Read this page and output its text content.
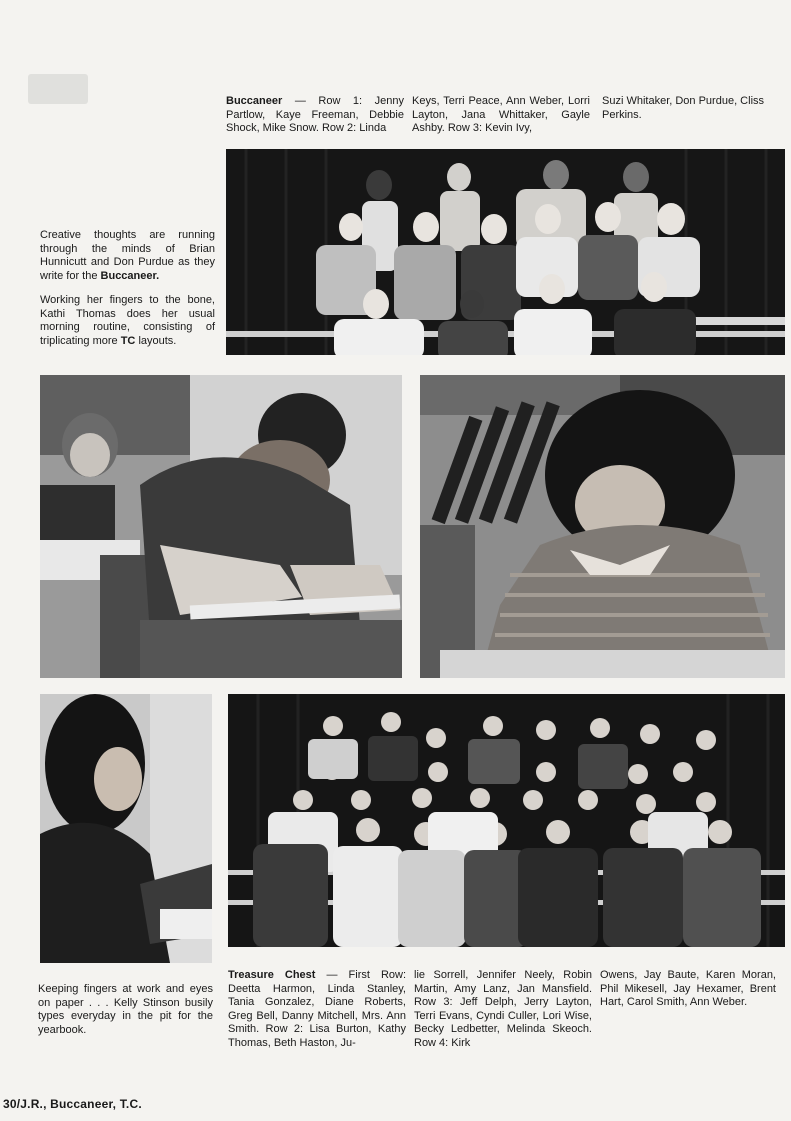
Buccaneer — Row 1: Jenny Partlow, Kaye Freeman, Debbie Shock, Mike Snow. Row 2: Linda
Keys, Terri Peace, Ann Weber, Lorri Layton, Jana Whittaker, Gayle Ashby. Row 3: Kevin Ivy,
Suzi Whitaker, Don Purdue, Cliss Perkins.
Creative thoughts are running through the minds of Brian Hunnicutt and Don Purdue as they write for the Buccaneer.
Working her fingers to the bone, Kathi Thomas does her usual morning routine, consisting of triplicating more TC layouts.
Keeping fingers at work and eyes on paper . . . Kelly Stinson busily types everyday in the pit for the yearbook.
Treasure Chest — First Row: Deetta Harmon, Linda Stanley, Tania Gonzalez, Diane Roberts, Greg Bell, Danny Mitchell, Mrs. Ann Smith. Row 2: Lisa Burton, Kathy Thomas, Beth Haston, Ju-
lie Sorrell, Jennifer Neely, Robin Martin, Amy Lanz, Jan Mansfield. Row 3: Jeff Delph, Jerry Layton, Terri Evans, Cyndi Culler, Lori Wise, Becky Ledbetter, Melinda Skeoch. Row 4: Kirk
Owens, Jay Baute, Karen Moran, Phil Mikesell, Jay Hexamer, Brent Hart, Carol Smith, Ann Weber.
30/J.R., Buccaneer, T.C.
